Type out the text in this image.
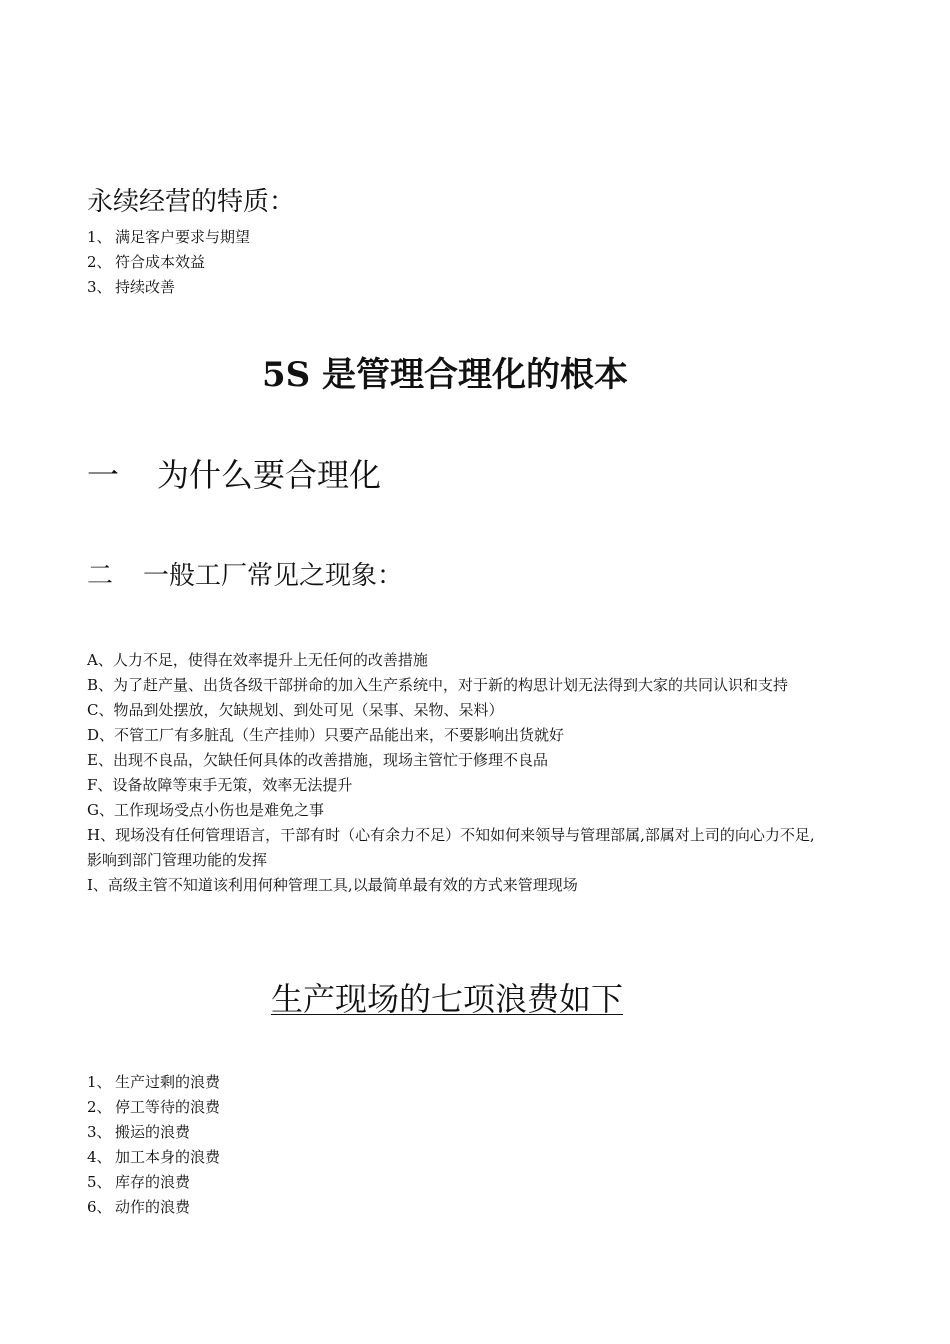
永续经营的特质：
1、 满足客户要求与期望
2、 符合成本效益
3、 持续改善
5S 是管理合理化的根本
一 为什么要合理化
二 一般工厂常见之现象：

A、人力不足，使得在效率提升上无任何的改善措施

B、为了赶产量、出货各级干部拼命的加入生产系统中，对于新的构思计划无法得到大家的共同认识和支持

C、物品到处摆放，欠缺规划、到处可见（呆事、呆物、呆料）

D、不管工厂有多脏乱（生产挂帅）只要产品能出来，不要影响出货就好

E、出现不良品，欠缺任何具体的改善措施，现场主管忙于修理不良品

F、设备故障等束手无策，效率无法提升

G、工作现场受点小伤也是难免之事

H、现场没有任何管理语言，干部有时（心有余力不足）不知如何来领导与管理部属,部属对上司的向心力不足,影响到部门管理功能的发挥

I、高级主管不知道该利用何种管理工具,以最简单最有效的方式来管理现场

生产现场的七项浪费如下
1、 生产过剩的浪费
2、 停工等待的浪费
3、 搬运的浪费
4、 加工本身的浪费
5、 库存的浪费
6、 动作的浪费
